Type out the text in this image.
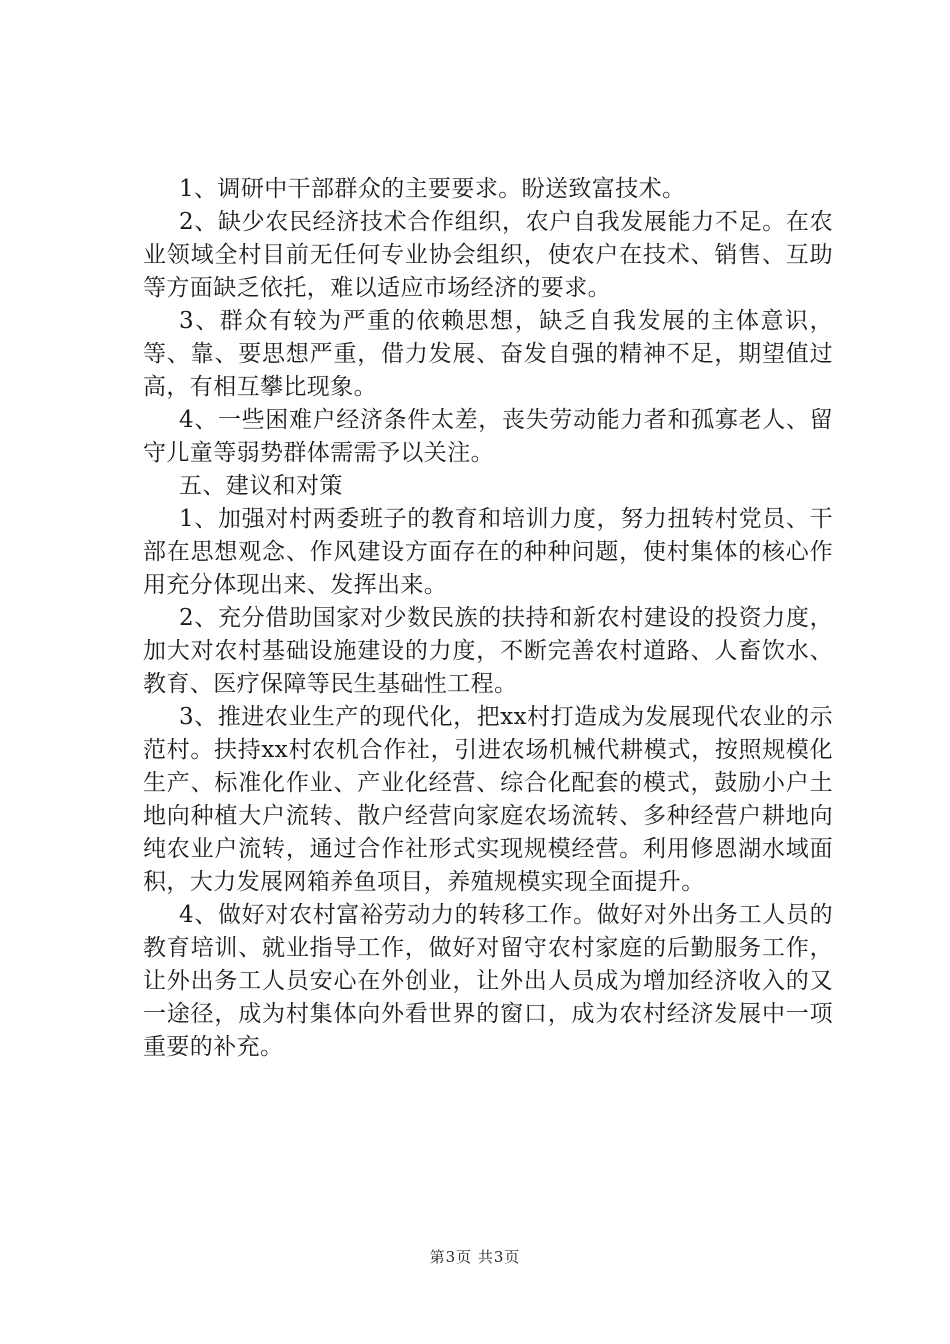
1、调研中干部群众的主要要求。盼送致富技术。

2、缺少农民经济技术合作组织，农户自我发展能力不足。在农业领域全村目前无任何专业协会组织，使农户在技术、销售、互助等方面缺乏依托，难以适应市场经济的要求。

3、群众有较为严重的依赖思想，缺乏自我发展的主体意识，等、靠、要思想严重，借力发展、奋发自强的精神不足，期望值过高，有相互攀比现象。

4、一些困难户经济条件太差，丧失劳动能力者和孤寡老人、留守儿童等弱势群体需需予以关注。

五、建议和对策

1、加强对村两委班子的教育和培训力度，努力扭转村党员、干部在思想观念、作风建设方面存在的种种问题，使村集体的核心作用充分体现出来、发挥出来。

2、充分借助国家对少数民族的扶持和新农村建设的投资力度，加大对农村基础设施建设的力度，不断完善农村道路、人畜饮水、教育、医疗保障等民生基础性工程。

3、推进农业生产的现代化，把xx村打造成为发展现代农业的示范村。扶持xx村农机合作社，引进农场机械代耕模式，按照规模化生产、标准化作业、产业化经营、综合化配套的模式，鼓励小户土地向种植大户流转、散户经营向家庭农场流转、多种经营户耕地向纯农业户流转，通过合作社形式实现规模经营。利用修恩湖水域面积，大力发展网箱养鱼项目，养殖规模实现全面提升。

4、做好对农村富裕劳动力的转移工作。做好对外出务工人员的教育培训、就业指导工作，做好对留守农村家庭的后勤服务工作，让外出务工人员安心在外创业，让外出人员成为增加经济收入的又一途径，成为村集体向外看世界的窗口，成为农村经济发展中一项重要的补充。

第3页 共3页
